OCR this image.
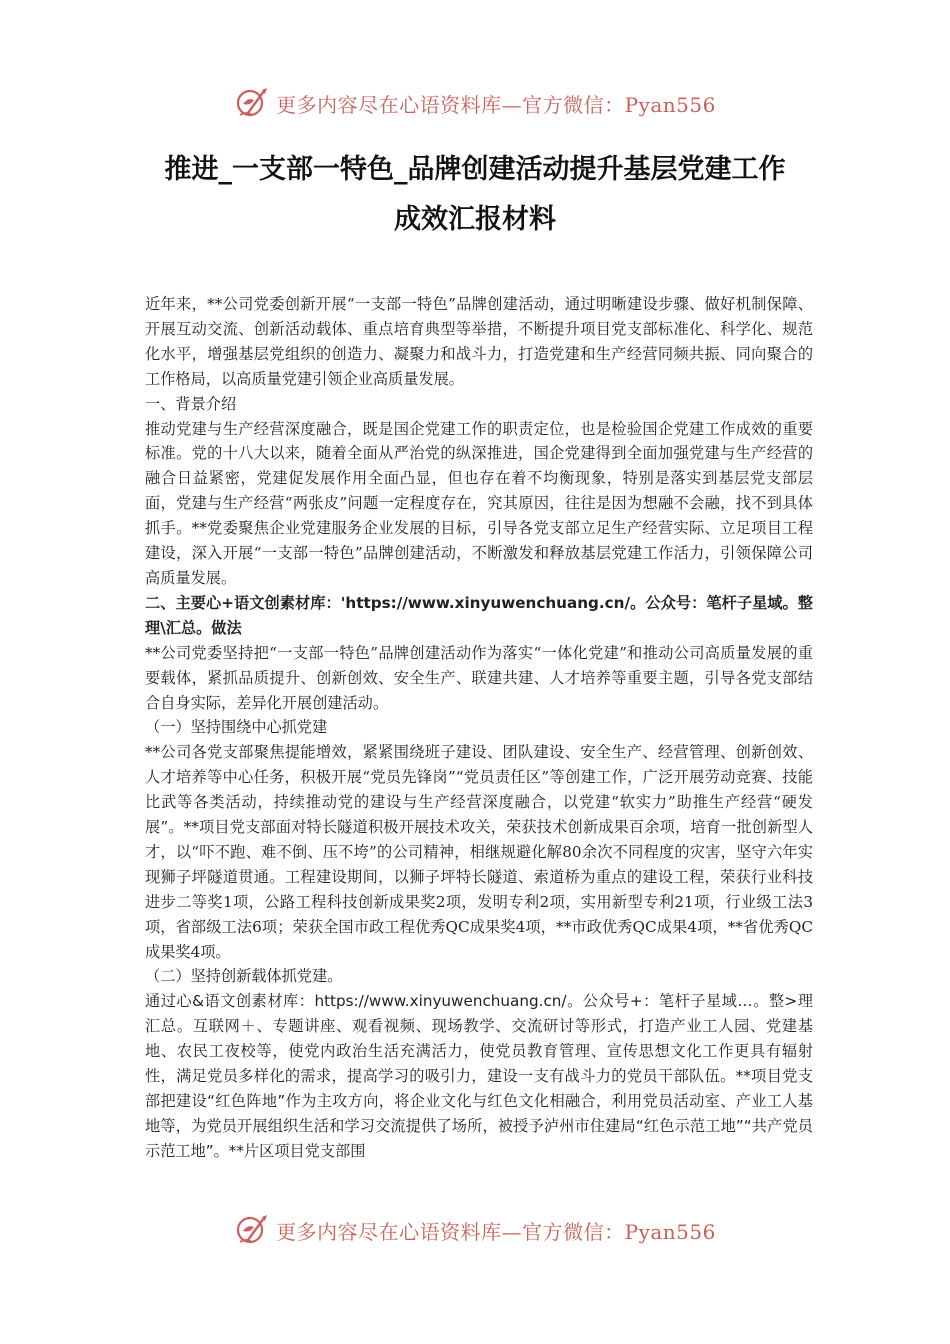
更多内容尽在心语资料库—官方微信：Pyan556
推进_一支部一特色_品牌创建活动提升基层党建工作
成效汇报材料

近年来，**公司党委创新开展“一支部一特色”品牌创建活动，通过明晰建设步骤、做好机制保障、开展互动交流、创新活动载体、重点培育典型等举措，不断提升项目党支部标准化、科学化、规范化水平，增强基层党组织的创造力、凝聚力和战斗力，打造党建和生产经营同频共振、同向聚合的工作格局，以高质量党建引领企业高质量发展。

一、背景介绍

推动党建与生产经营深度融合，既是国企党建工作的职责定位，也是检验国企党建工作成效的重要标准。党的十八大以来，随着全面从严治党的纵深推进，国企党建得到全面加强党建与生产经营的融合日益紧密，党建促发展作用全面凸显，但也存在着不均衡现象，特别是落实到基层党支部层面，党建与生产经营“两张皮”问题一定程度存在，究其原因，往往是因为想融不会融，找不到具体抓手。**党委聚焦企业党建服务企业发展的目标，引导各党支部立足生产经营实际、立足项目工程建设，深入开展“一支部一特色”品牌创建活动，不断激发和释放基层党建工作活力，引领保障公司高质量发展。

二、主要心+语文创素材库：'https://www.xinyuwenchuang.cn/。公众号：笔杆子星域。整理\汇总。做法

**公司党委坚持把“一支部一特色”品牌创建活动作为落实“一体化党建”和推动公司高质量发展的重要载体，紧抓品质提升、创新创效、安全生产、联建共建、人才培养等重要主题，引导各党支部结合自身实际，差异化开展创建活动。

（一）坚持围绕中心抓党建

**公司各党支部聚焦提能增效，紧紧围绕班子建设、团队建设、安全生产、经营管理、创新创效、人才培养等中心任务，积极开展“党员先锋岗”“党员责任区”等创建工作，广泛开展劳动竞赛、技能比武等各类活动，持续推动党的建设与生产经营深度融合，以党建“软实力”助推生产经营“硬发展”。**项目党支部面对特长隧道积极开展技术攻关，荣获技术创新成果百余项，培育一批创新型人才，以“吓不跑、难不倒、压不垮”的公司精神，相继规避化解80余次不同程度的灾害，坚守六年实现狮子坪隧道贯通。工程建设期间，以狮子坪特长隧道、索道桥为重点的建设工程，荣获行业科技进步二等奖1项，公路工程科技创新成果奖2项，发明专利2项，实用新型专利21项，行业级工法3项，省部级工法6项；荣获全国市政工程优秀QC成果奖4项，**市政优秀QC成果4项，**省优秀QC成果奖4项。

（二）坚持创新载体抓党建。

通过心&语文创素材库：https://www.xinyuwenchuang.cn/。公众号+：笔杆子星域…。整>理汇总。互联网＋、专题讲座、观看视频、现场教学、交流研讨等形式，打造产业工人园、党建基地、农民工夜校等，使党内政治生活充满活力，使党员教育管理、宣传思想文化工作更具有辐射性，满足党员多样化的需求，提高学习的吸引力，建设一支有战斗力的党员干部队伍。**项目党支部把建设“红色阵地”作为主攻方向，将企业文化与红色文化相融合，利用党员活动室、产业工人基地等，为党员开展组织生活和学习交流提供了场所，被授予泸州市住建局“红色示范工地”“共产党员示范工地”。**片区项目党支部围

更多内容尽在心语资料库—官方微信：Pyan556
